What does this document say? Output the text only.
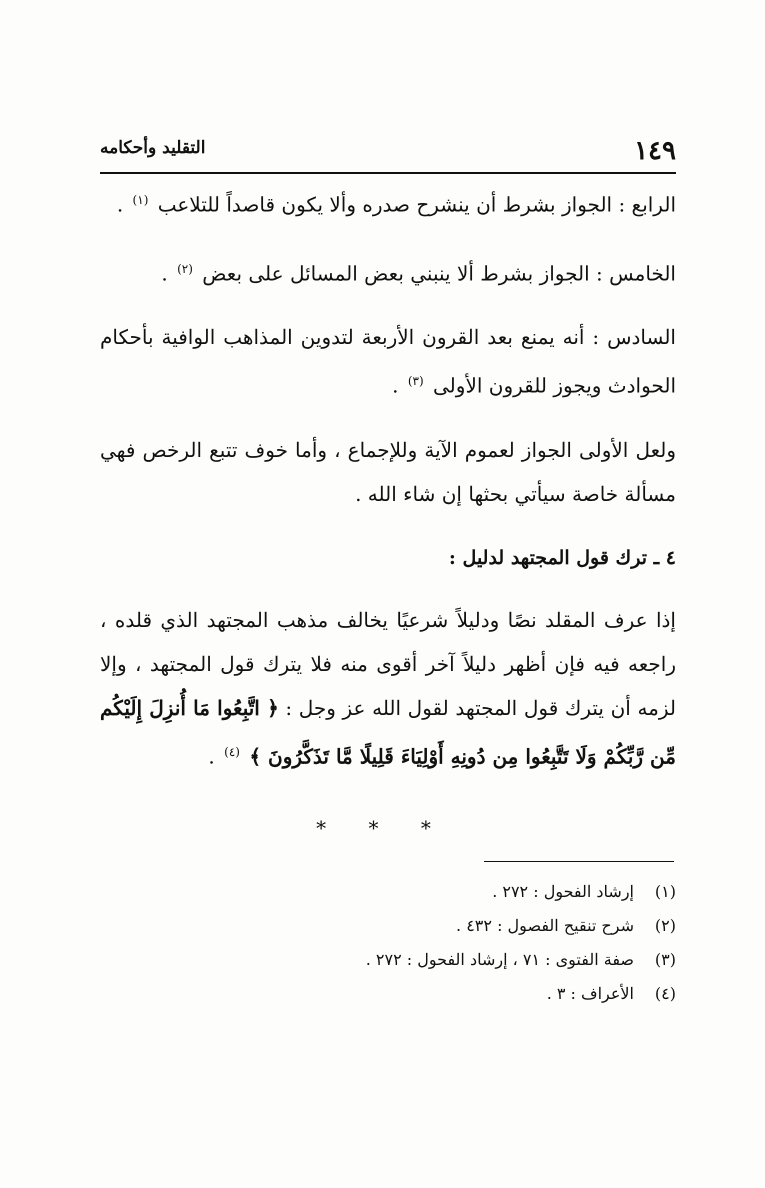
١٤٩
التقليد وأحكامه

الرابع : الجواز بشرط أن ينشرح صدره وألا يكون قاصداً للتلاعب $^{(١)}$ .

الخامس : الجواز بشرط ألا ينبني بعض المسائل على بعض $^{(٢)}$ .

السادس : أنه يمنع بعد القرون الأربعة لتدوين المذاهب الوافية بأحكام الحوادث ويجوز للقرون الأولى $^{(٣)}$ .

ولعل الأولى الجواز لعموم الآية وللإجماع ، وأما خوف تتبع الرخص فهي مسألة خاصة سيأتي بحثها إن شاء الله .

٤ ـ ترك قول المجتهد لدليل :

إذا عرف المقلد نصًا ودليلاً شرعيًا يخالف مذهب المجتهد الذي قلده ، راجعه فيه فإن أظهر دليلاً آخر أقوى منه فلا يترك قول المجتهد ، وإلا لزمه أن يترك قول المجتهد لقول الله عز وجل : ﴿ اتَّبِعُوا مَا أُنزِلَ إِلَيْكُم مِّن رَّبِّكُمْ وَلَا تَتَّبِعُوا مِن دُونِهِ أَوْلِيَاءَ قَلِيلًا مَّا تَذَكَّرُونَ ﴾ $^{(٤)}$ .

* * *
(١)
إرشاد الفحول : ٢٧٢ .
(٢)
شرح تنقيح الفصول : ٤٣٢ .
(٣)
صفة الفتوى : ٧١ ، إرشاد الفحول : ٢٧٢ .
(٤)
الأعراف : ٣ .
